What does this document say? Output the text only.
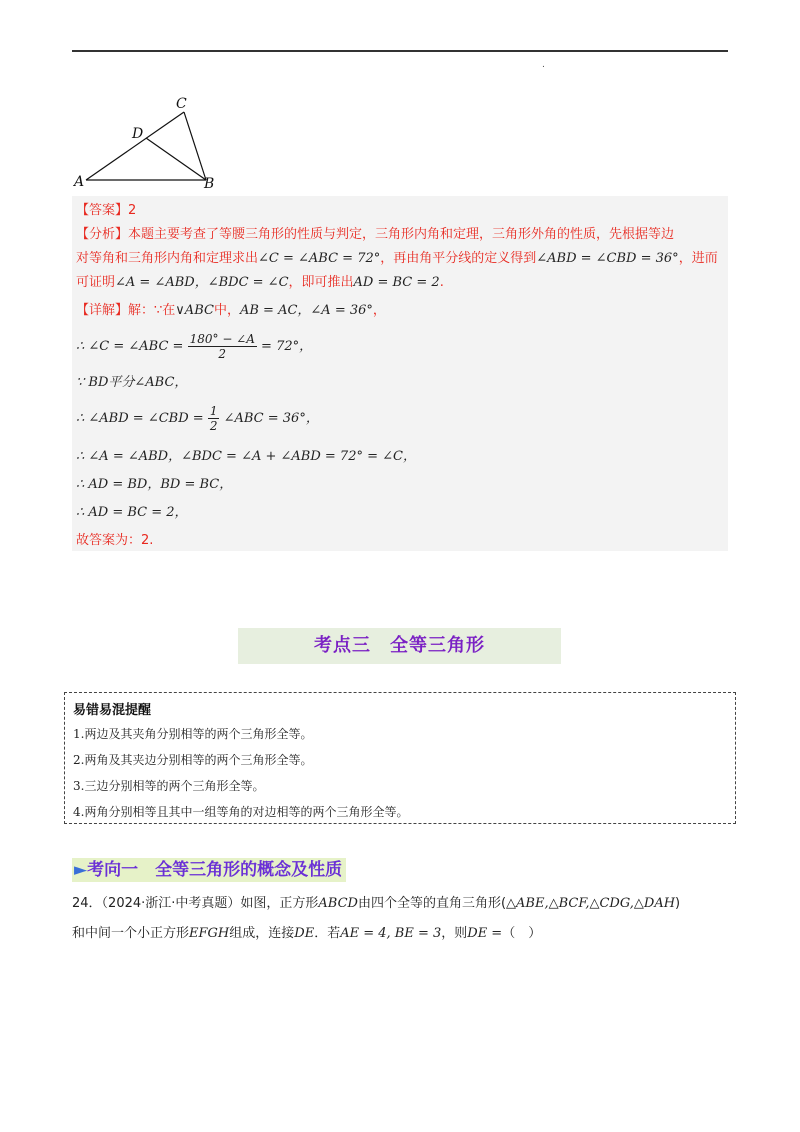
.
A	B
C
D
【答案】2
【分析】本题主要考查了等腰三角形的性质与判定，三角形内角和定理，三角形外角的性质，先根据等边
对等角和三角形内角和定理求出∠C = ∠ABC = 72°，再由角平分线的定义得到∠ABD = ∠CBD = 36°，进而
可证明∠A = ∠ABD，∠BDC = ∠C，即可推出AD = BC = 2.
【详解】解：∵在∨ABC中，AB = AC，∠A = 36°，
∴ ∠C = ∠ABC = $\frac{180^\circ - \angle A}{2} = 72^\circ$，
∵ BD平分∠ABC，
∴ ∠ABD = ∠CBD = $\frac{1}{2}$ ∠ABC = 36°，
∴ ∠A = ∠ABD，∠BDC = ∠A + ∠ABD = 72° = ∠C，
∴ AD = BD，BD = BC，
∴ AD = BC = 2，
故答案为：2.
考点三　全等三角形
易错易混提醒
1.两边及其夹角分别相等的两个三角形全等。
2.两角及其夹边分别相等的两个三角形全等。
3.三边分别相等的两个三角形全等。
4.两角分别相等且其中一组等角的对边相等的两个三角形全等。
►考向一　全等三角形的概念及性质
24．（2024·浙江·中考真题）如图，正方形ABCD由四个全等的直角三角形(△ABE,△BCF,△CDG,△DAH)
和中间一个小正方形EFGH组成，连接DE．若AE = 4, BE = 3，则DE =（　）
